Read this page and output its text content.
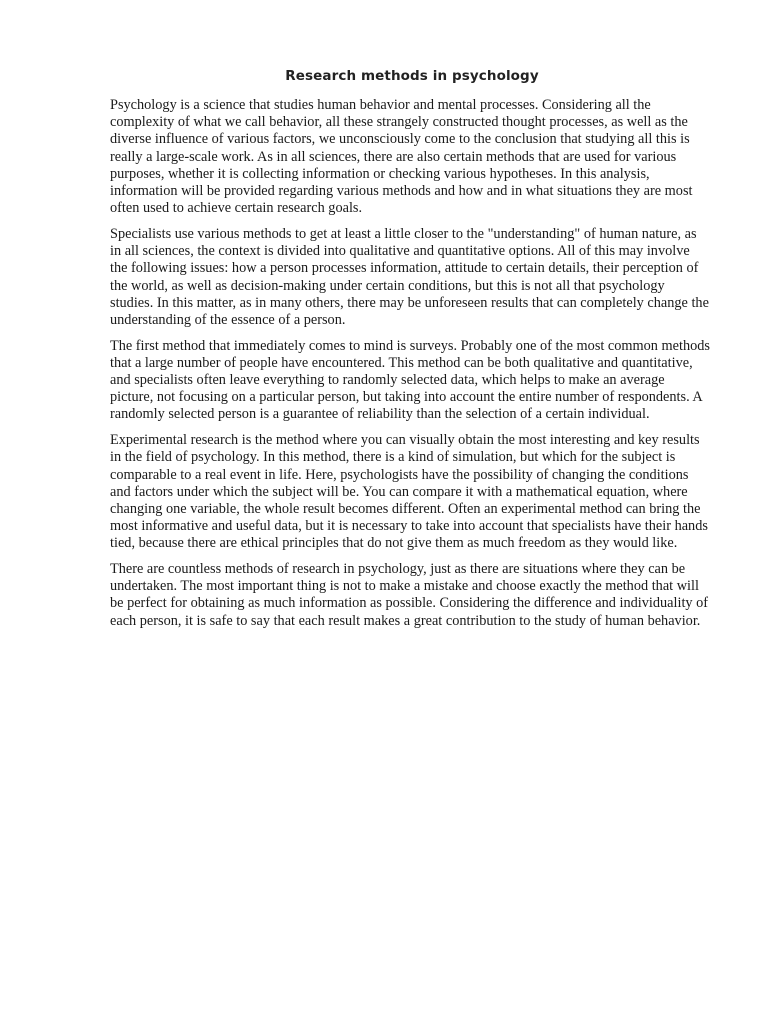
Research methods in psychology

Psychology is a science that studies human behavior and mental processes. Considering all the complexity of what we call behavior, all these strangely constructed thought processes, as well as the diverse influence of various factors, we unconsciously come to the conclusion that studying all this is really a large-scale work. As in all sciences, there are also certain methods that are used for various purposes, whether it is collecting information or checking various hypotheses. In this analysis, information will be provided regarding various methods and how and in what situations they are most often used to achieve certain research goals.

Specialists use various methods to get at least a little closer to the "understanding" of human nature, as in all sciences, the context is divided into qualitative and quantitative options. All of this may involve the following issues: how a person processes information, attitude to certain details, their perception of the world, as well as decision-making under certain conditions, but this is not all that psychology studies. In this matter, as in many others, there may be unforeseen results that can completely change the understanding of the essence of a person.

The first method that immediately comes to mind is surveys. Probably one of the most common methods that a large number of people have encountered. This method can be both qualitative and quantitative, and specialists often leave everything to randomly selected data, which helps to make an average picture, not focusing on a particular person, but taking into account the entire number of respondents. A randomly selected person is a guarantee of reliability than the selection of a certain individual.

Experimental research is the method where you can visually obtain the most interesting and key results in the field of psychology. In this method, there is a kind of simulation, but which for the subject is comparable to a real event in life. Here, psychologists have the possibility of changing the conditions and factors under which the subject will be. You can compare it with a mathematical equation, where changing one variable, the whole result becomes different. Often an experimental method can bring the most informative and useful data, but it is necessary to take into account that specialists have their hands tied, because there are ethical principles that do not give them as much freedom as they would like.

There are countless methods of research in psychology, just as there are situations where they can be undertaken. The most important thing is not to make a mistake and choose exactly the method that will be perfect for obtaining as much information as possible. Considering the difference and individuality of each person, it is safe to say that each result makes a great contribution to the study of human behavior.
